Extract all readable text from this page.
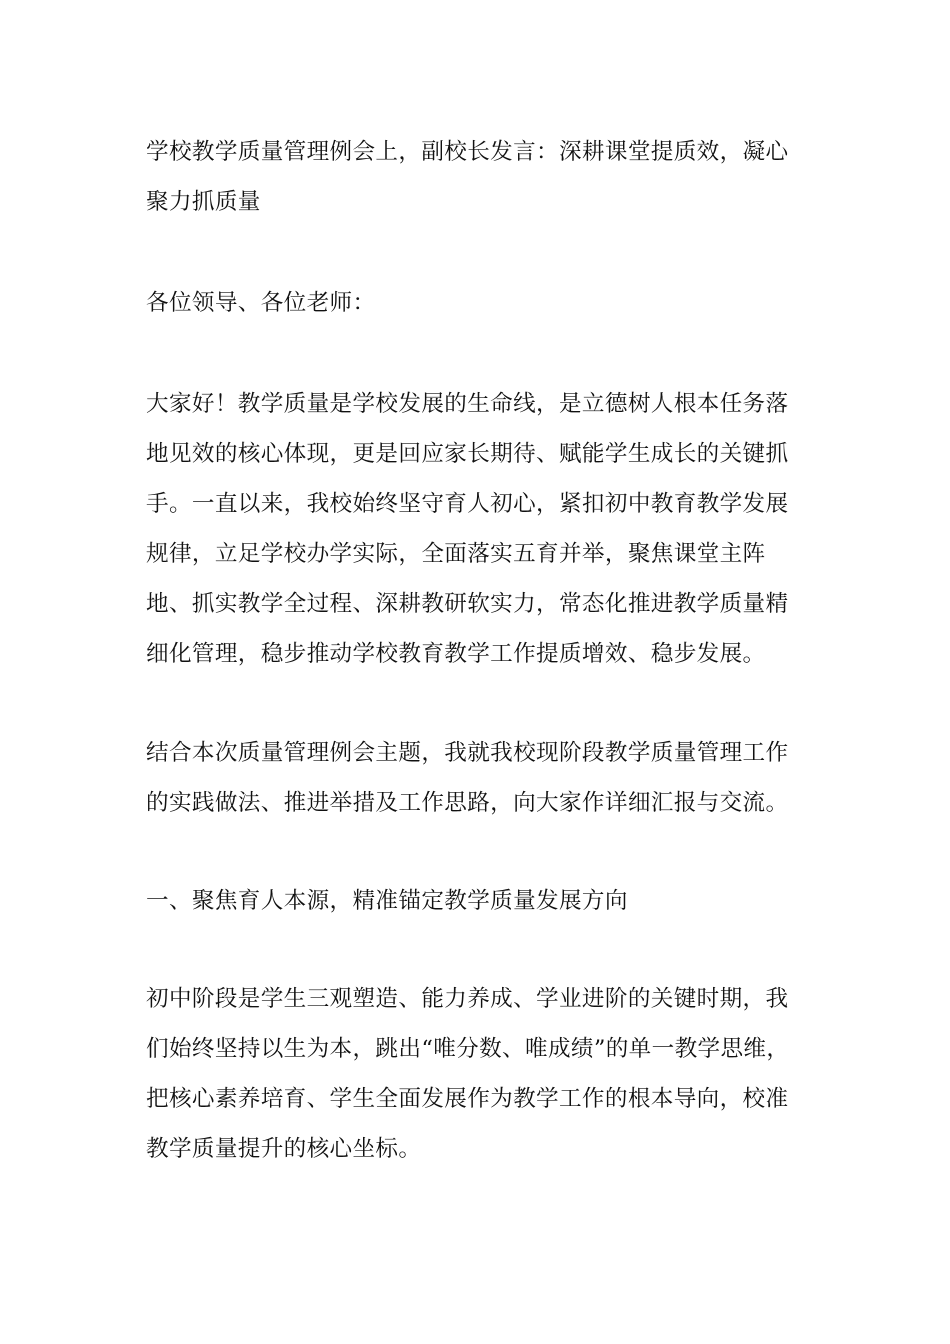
学校教学质量管理例会上，副校长发言：深耕课堂提质效，凝心聚力抓质量

各位领导、各位老师：

大家好！教学质量是学校发展的生命线，是立德树人根本任务落地见效的核心体现，更是回应家长期待、赋能学生成长的关键抓手。一直以来，我校始终坚守育人初心，紧扣初中教育教学发展规律，立足学校办学实际，全面落实五育并举，聚焦课堂主阵地、抓实教学全过程、深耕教研软实力，常态化推进教学质量精细化管理，稳步推动学校教育教学工作提质增效、稳步发展。

结合本次质量管理例会主题，我就我校现阶段教学质量管理工作的实践做法、推进举措及工作思路，向大家作详细汇报与交流。

一、聚焦育人本源，精准锚定教学质量发展方向

初中阶段是学生三观塑造、能力养成、学业进阶的关键时期，我们始终坚持以生为本，跳出“唯分数、唯成绩”的单一教学思维，把核心素养培育、学生全面发展作为教学工作的根本导向，校准教学质量提升的核心坐标。
